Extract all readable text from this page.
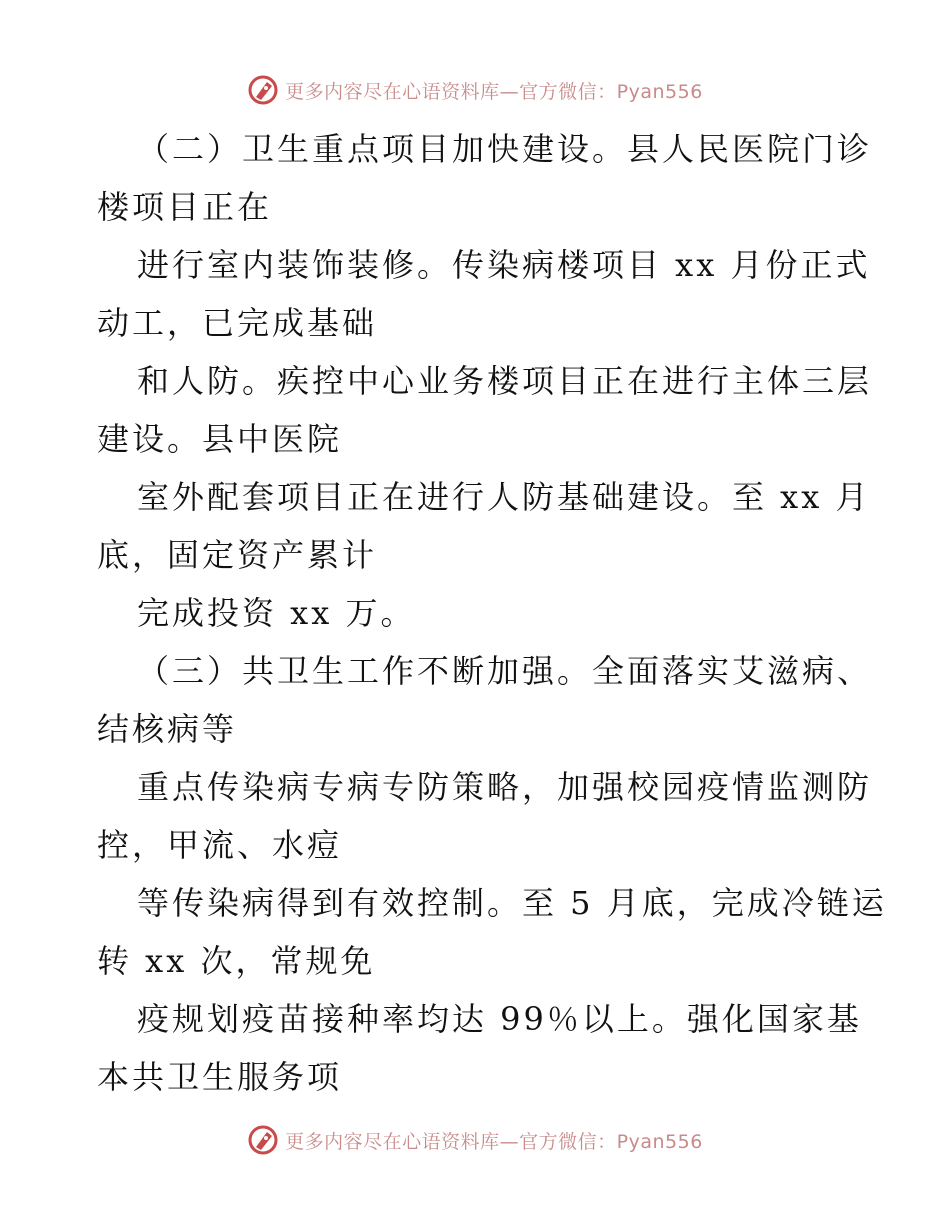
更多内容尽在心语资料库—官方微信：Pyan556
（二）卫生重点项目加快建设。县人民医院门诊
楼项目正在
进行室内装饰装修。传染病楼项目 xx 月份正式
动工，已完成基础
和人防。疾控中心业务楼项目正在进行主体三层
建设。县中医院
室外配套项目正在进行人防基础建设。至 xx 月
底，固定资产累计
完成投资 xx 万。
（三）共卫生工作不断加强。全面落实艾滋病、
结核病等
重点传染病专病专防策略，加强校园疫情监测防
控，甲流、水痘
等传染病得到有效控制。至 5 月底，完成冷链运
转 xx 次，常规免
疫规划疫苗接种率均达 99％以上。强化国家基
本共卫生服务项
更多内容尽在心语资料库—官方微信：Pyan556
